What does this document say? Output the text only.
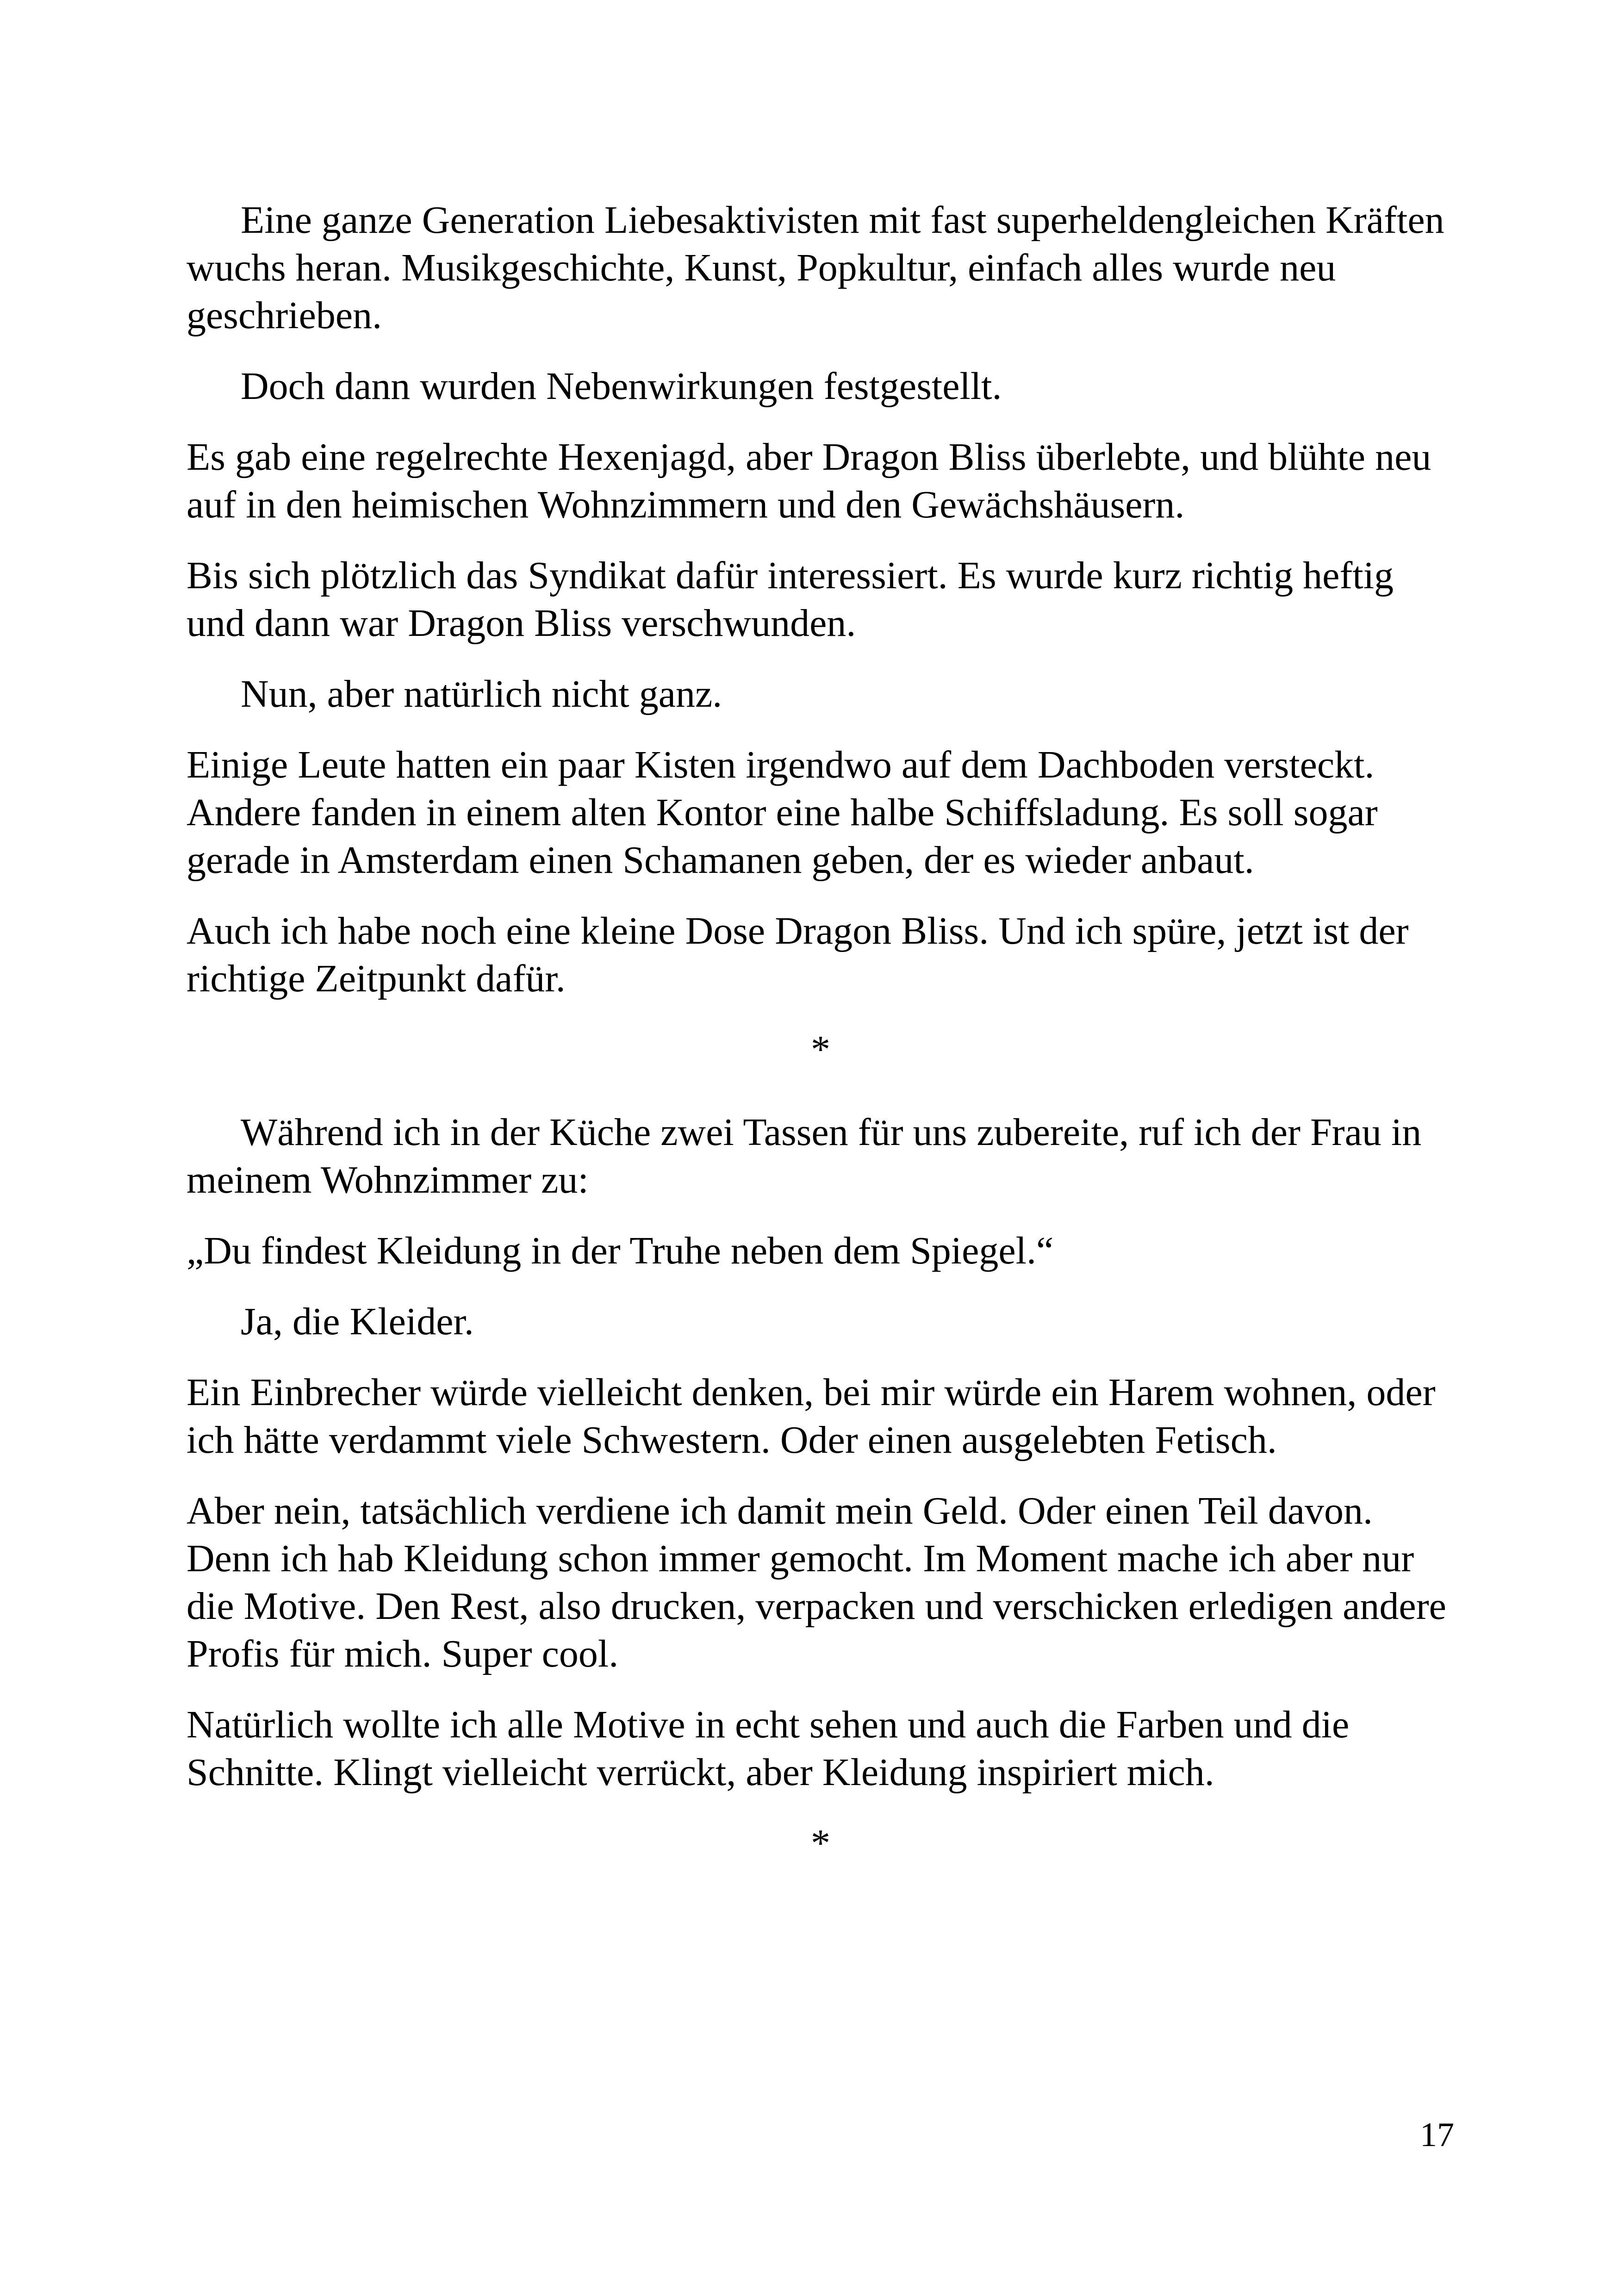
Eine ganze Generation Liebesaktivisten mit fast superheldengleichen Kräften wuchs heran. Musikgeschichte, Kunst, Popkultur, einfach alles wurde neu geschrieben.

Doch dann wurden Nebenwirkungen festgestellt.

Es gab eine regelrechte Hexenjagd, aber Dragon Bliss überlebte, und blühte neu auf in den heimischen Wohnzimmern und den Gewächshäusern.

Bis sich plötzlich das Syndikat dafür interessiert. Es wurde kurz richtig heftig und dann war Dragon Bliss verschwunden.

Nun, aber natürlich nicht ganz.

Einige Leute hatten ein paar Kisten irgendwo auf dem Dachboden versteckt. Andere fanden in einem alten Kontor eine halbe Schiffsladung. Es soll sogar gerade in Amsterdam einen Schamanen geben, der es wieder anbaut.

Auch ich habe noch eine kleine Dose Dragon Bliss. Und ich spüre, jetzt ist der richtige Zeitpunkt dafür.

*

Während ich in der Küche zwei Tassen für uns zubereite, ruf ich der Frau in meinem Wohnzimmer zu:

„Du findest Kleidung in der Truhe neben dem Spiegel.“

Ja, die Kleider.

Ein Einbrecher würde vielleicht denken, bei mir würde ein Harem wohnen, oder ich hätte verdammt viele Schwestern. Oder einen ausgelebten Fetisch.

Aber nein, tatsächlich verdiene ich damit mein Geld. Oder einen Teil davon. Denn ich hab Kleidung schon immer gemocht. Im Moment mache ich aber nur die Motive. Den Rest, also drucken, verpacken und verschicken erledigen andere Profis für mich. Super cool.

Natürlich wollte ich alle Motive in echt sehen und auch die Farben und die Schnitte. Klingt vielleicht verrückt, aber Kleidung inspiriert mich.

*

17
